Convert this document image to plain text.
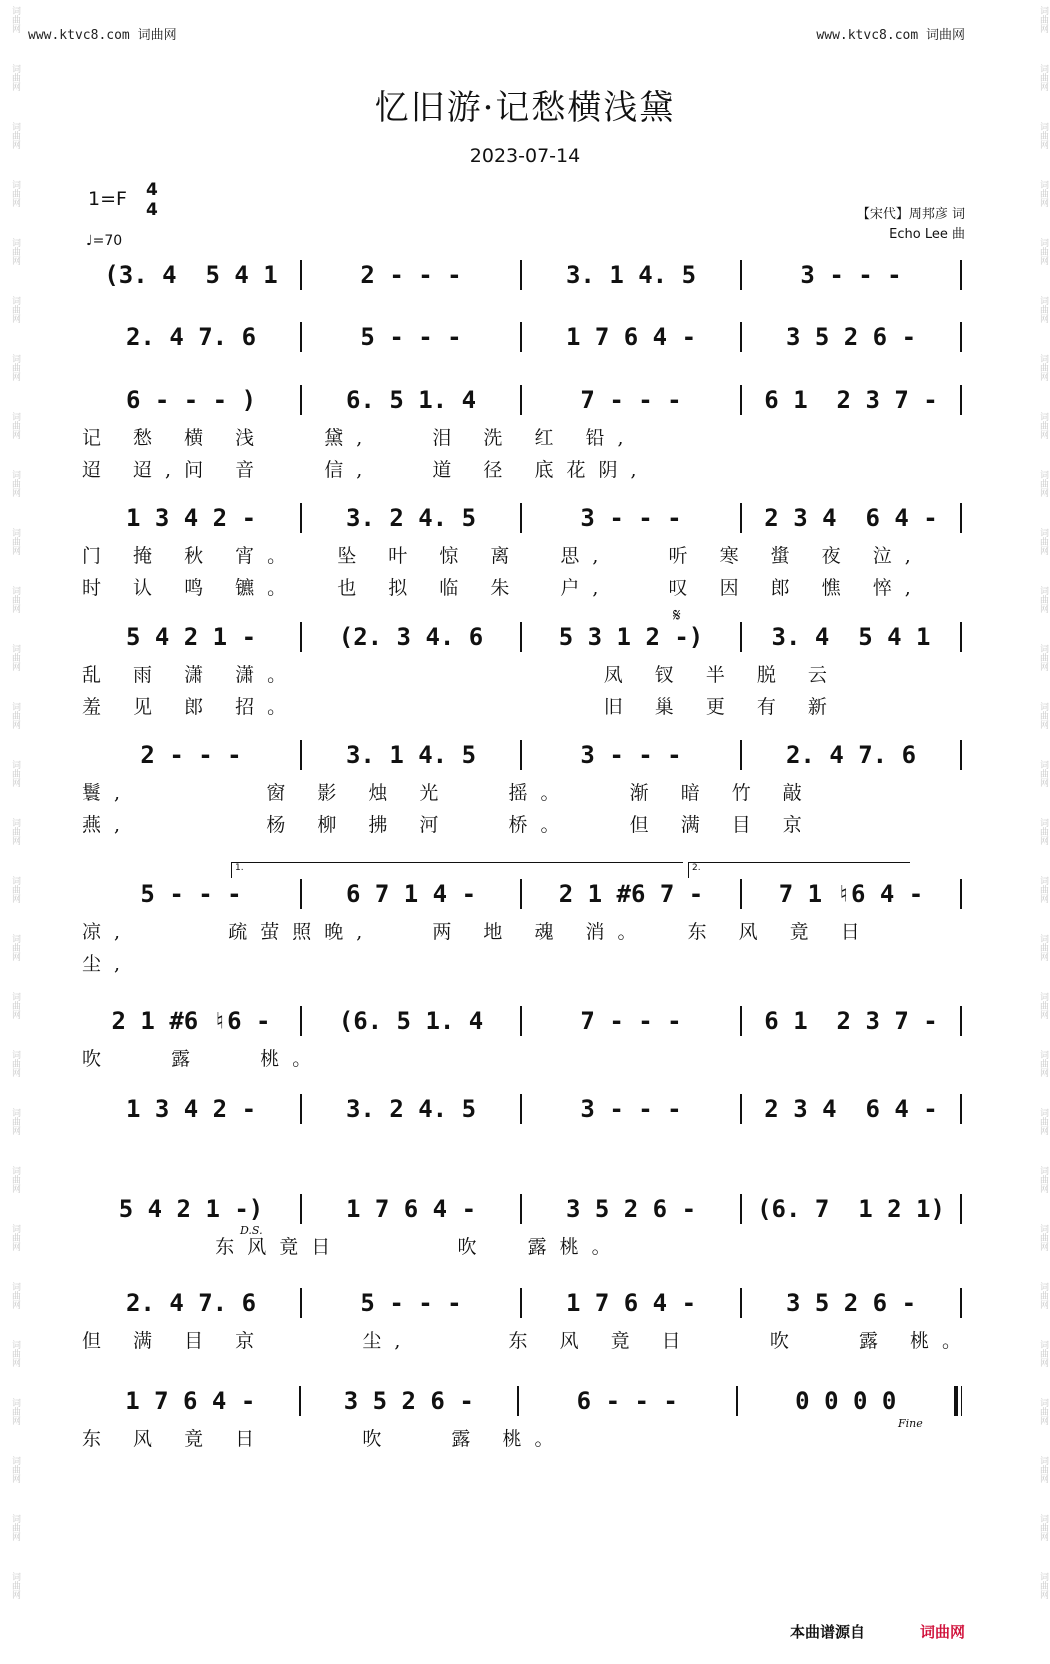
词曲网
词曲网
词曲网
词曲网
词曲网
词曲网
词曲网
词曲网
词曲网
词曲网
词曲网
词曲网
词曲网
词曲网
词曲网
词曲网
词曲网
词曲网
词曲网
词曲网
词曲网
词曲网
词曲网
词曲网
词曲网
词曲网
词曲网
词曲网
词曲网
词曲网
词曲网
词曲网
词曲网
词曲网
词曲网
词曲网
词曲网
词曲网
词曲网
词曲网
词曲网
词曲网
词曲网
词曲网
词曲网
词曲网
词曲网
词曲网
词曲网
词曲网
词曲网
词曲网
词曲网
词曲网
词曲网
词曲网
www.ktvc8.com 词曲网	www.ktvc8.com 词曲网
忆旧游·记愁横浅黛
2023-07-14
1=F 4
4
♩=70
【宋代】周邦彦 词
Echo Lee 曲
(3. 4  5 4 1	2 - - -	3. 1 4. 5	3 - - -
2. 4 7. 6	5 - - -	1 7 6 4 -	3 5 2 6 -
6 - - - )	6. 5 1. 4	7 - - -	6 1  2 3 7 -
记 愁 横 浅   黛,   泪 洗 红 铅,
迢 迢,问 音   信,   道 径 底花阴,
1 3 4 2 -	3. 2 4. 5	3 - - -	2 3 4  6 4 -
门 掩 秋 宵。  坠 叶 惊 离  思,   听 寒 螀 夜 泣,
时 认 鸣 镳。  也 拟 临 朱  户,   叹 因 郎 憔 悴,
5 4 2 1 -	(2. 3 4. 6	5 3 1 2 -)	3. 4  5 4 1
乱 雨 潇 潇。                凤 钗 半 脱 云
羞 见 郎 招。                旧 巢 更 有 新
2 - - -	3. 1 4. 5	3 - - -	2. 4 7. 6
鬟,       窗 影 烛 光   摇。   渐 暗 竹 敲
燕,       杨 柳 拂 河   桥。   但 满 目 京
5 - - -	6 7 1 4 -	2 1 #6 7 -	7 1 ♮6 4 -
凉,     疏萤照晚,   两 地 魂 消。  东 风 竟 日
尘,
2 1 #6 ♮6 -	(6. 5 1. 4	7 - - -	6 1  2 3 7 -
吹   露   桃。
1 3 4 2 -	3. 2 4. 5	3 - - -	2 3 4  6 4 -
5 4 2 1 -)	1 7 6 4 -	3 5 2 6 -	(6. 7  1 2 1)
东风竟日      吹  露桃。
2. 4 7. 6	5 - - -	1 7 6 4 -	3 5 2 6 -
但 满 目 京     尘,     东 风 竟 日    吹   露 桃。
1 7 6 4 -	3 5 2 6 -	6 - - -	0 0 0 0
东 风 竟 日     吹   露 桃。
𝄋
1.	2.
D.S.
Fine
本曲谱源自	词曲网
